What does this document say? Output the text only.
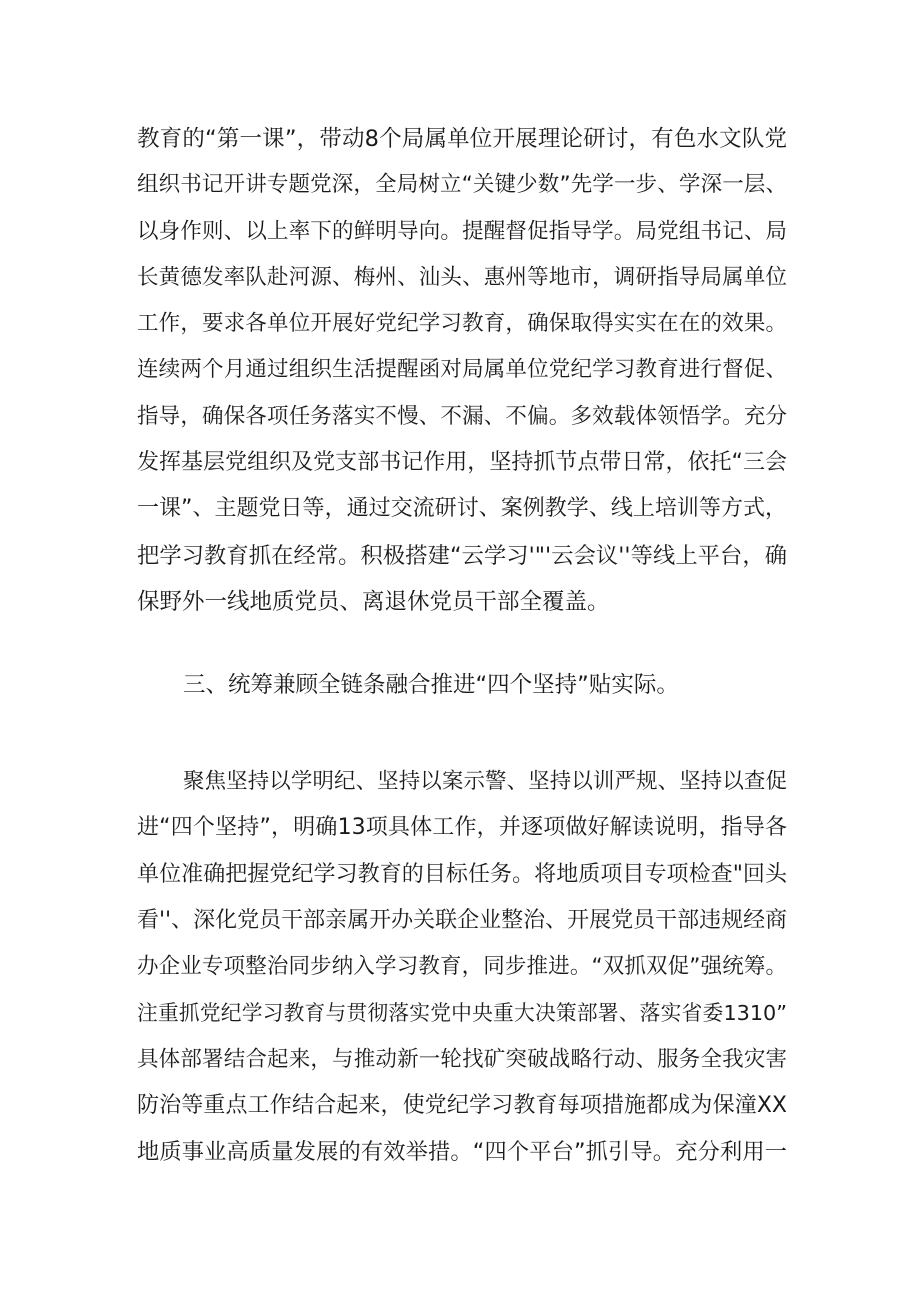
教育的“第一课”，带动8个局属单位开展理论研讨，有色水文队党
组织书记开讲专题党深，全局树立“关键少数”先学一步、学深一层、
以身作则、以上率下的鲜明导向。提醒督促指导学。局党组书记、局
长黄德发率队赴河源、梅州、汕头、惠州等地市，调研指导局属单位
工作，要求各单位开展好党纪学习教育，确保取得实实在在的效果。
连续两个月通过组织生活提醒函对局属单位党纪学习教育进行督促、
指导，确保各项任务落实不慢、不漏、不偏。多效载体领悟学。充分
发挥基层党组织及党支部书记作用，坚持抓节点带日常，依托“三会
一课”、主题党日等，通过交流研讨、案例教学、线上培训等方式，
把学习教育抓在经常。积极搭建“云学习'"'云会议''等线上平台，确
保野外一线地质党员、离退休党员干部全覆盖。
三、统筹兼顾全链条融合推进“四个坚持”贴实际。
聚焦坚持以学明纪、坚持以案示警、坚持以训严规、坚持以查促
进“四个坚持”，明确13项具体工作，并逐项做好解读说明，指导各
单位准确把握党纪学习教育的目标任务。将地质项目专项检查"回头
看''、深化党员干部亲属开办关联企业整治、开展党员干部违规经商
办企业专项整治同步纳入学习教育，同步推进。“双抓双促”强统筹。
注重抓党纪学习教育与贯彻落实党中央重大决策部署、落实省委1310”
具体部署结合起来，与推动新一轮找矿突破战略行动、服务全我灾害
防治等重点工作结合起来，使党纪学习教育每项措施都成为保潼XX
地质事业高质量发展的有效举措。“四个平台”抓引导。充分利用一
